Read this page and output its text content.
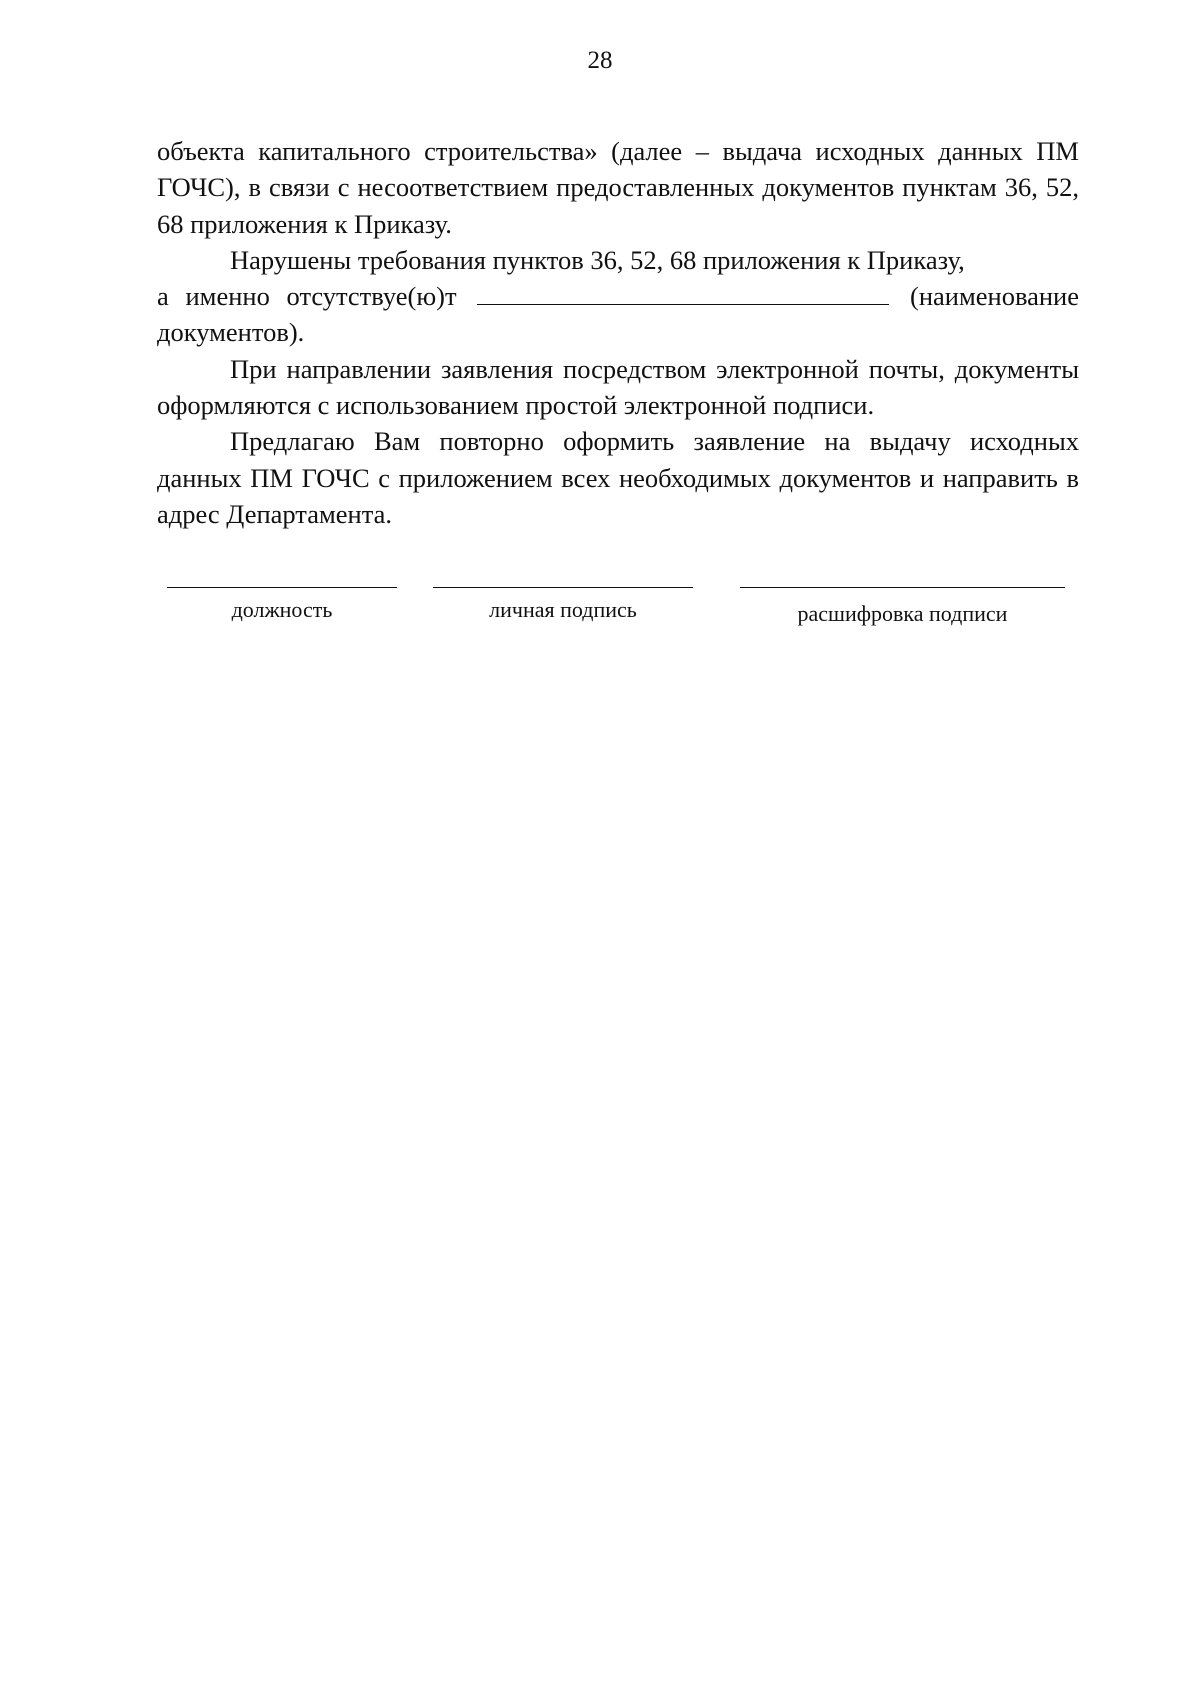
28

объекта капитального строительства» (далее – выдача исходных данных ПМ ГОЧС), в связи с несоответствием предоставленных документов пунктам 36, 52, 68 приложения к Приказу.

Нарушены требования пунктов 36, 52, 68 приложения к Приказу,

а именно отсутствуе(ю)т	(наименование

документов).

При направлении заявления посредством электронной почты, документы оформляются с использованием простой электронной подписи.

Предлагаю Вам повторно оформить заявление на выдачу исходных данных ПМ ГОЧС с приложением всех необходимых документов и направить в адрес Департамента.

должность	личная подпись	расшифровка подписи
